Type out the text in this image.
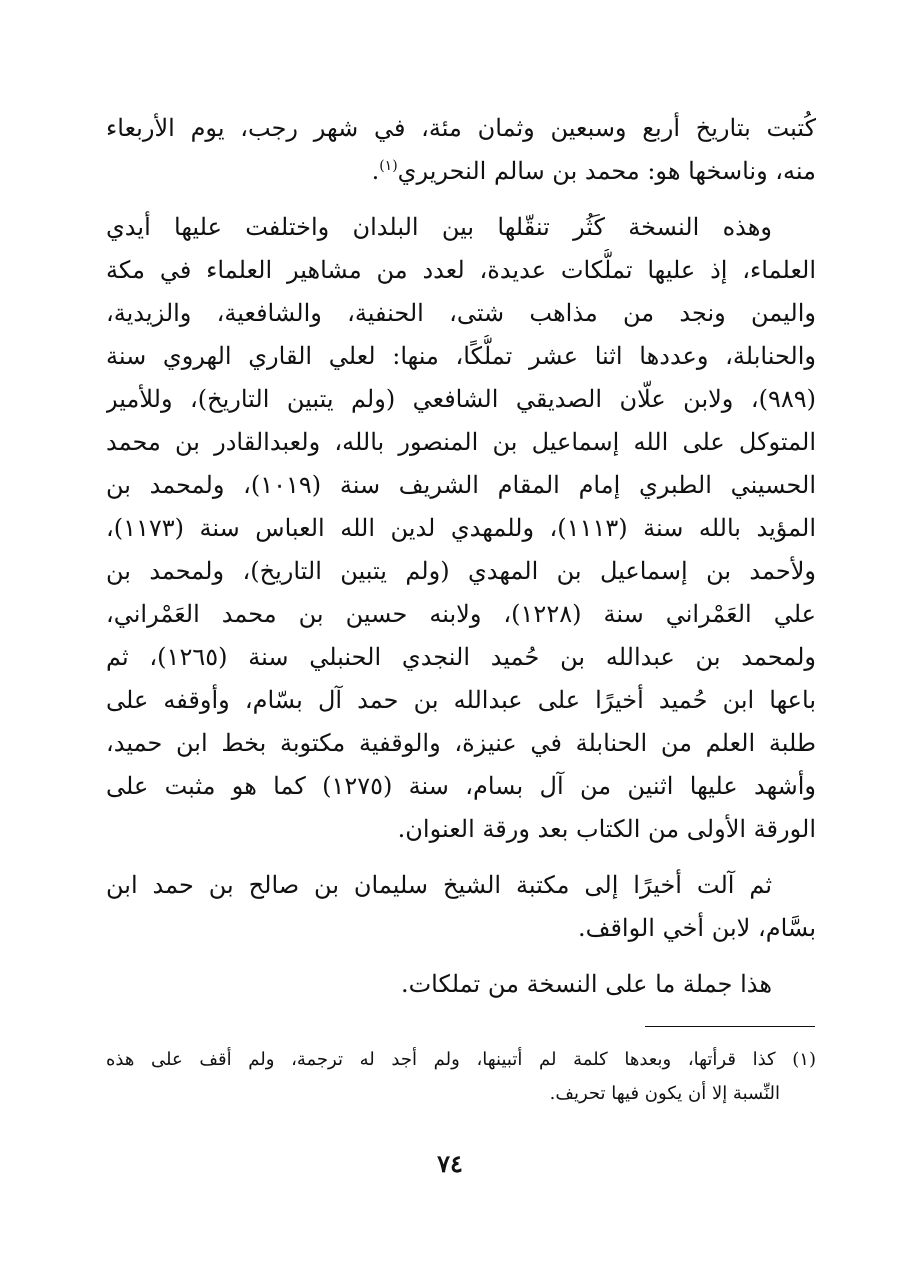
كُتبت بتاريخ أربع وسبعين وثمان مئة، في شهر رجب، يوم الأربعاء
منه، وناسخها هو: محمد بن سالم النحريري$^{(١)}$.
وهذه النسخة كَثُر تنقّلها بين البلدان واختلفت عليها أيدي
العلماء، إذ عليها تملُّكات عديدة، لعدد من مشاهير العلماء في مكة
واليمن ونجد من مذاهب شتى، الحنفية، والشافعية، والزيدية،
والحنابلة، وعددها اثنا عشر تملُّكًا، منها: لعلي القاري الهروي سنة
(٩٨٩)، ولابن علّان الصديقي الشافعي (ولم يتبين التاريخ)، وللأمير
المتوكل على الله إسماعيل بن المنصور بالله، ولعبدالقادر بن محمد
الحسيني الطبري إمام المقام الشريف سنة (١٠١٩)، ولمحمد بن
المؤيد بالله سنة (١١١٣)، وللمهدي لدين الله العباس سنة (١١٧٣)،
ولأحمد بن إسماعيل بن المهدي (ولم يتبين التاريخ)، ولمحمد بن
علي العَمْراني سنة (١٢٢٨)، ولابنه حسين بن محمد العَمْراني،
ولمحمد بن عبدالله بن حُميد النجدي الحنبلي سنة (١٢٦٥)، ثم
باعها ابن حُميد أخيرًا على عبدالله بن حمد آل بسّام، وأوقفه على
طلبة العلم من الحنابلة في عنيزة، والوقفية مكتوبة بخط ابن حميد،
وأشهد عليها اثنين من آل بسام، سنة (١٢٧٥) كما هو مثبت على
الورقة الأولى من الكتاب بعد ورقة العنوان.
ثم آلت أخيرًا إلى مكتبة الشيخ سليمان بن صالح بن حمد ابن
بسَّام، لابن أخي الواقف.
هذا جملة ما على النسخة من تملكات.
(١) كذا قرأتها، وبعدها كلمة لم أتبينها، ولم أجد له ترجمة، ولم أقف على هذه
النِّسبة إلا أن يكون فيها تحريف.
٧٤
